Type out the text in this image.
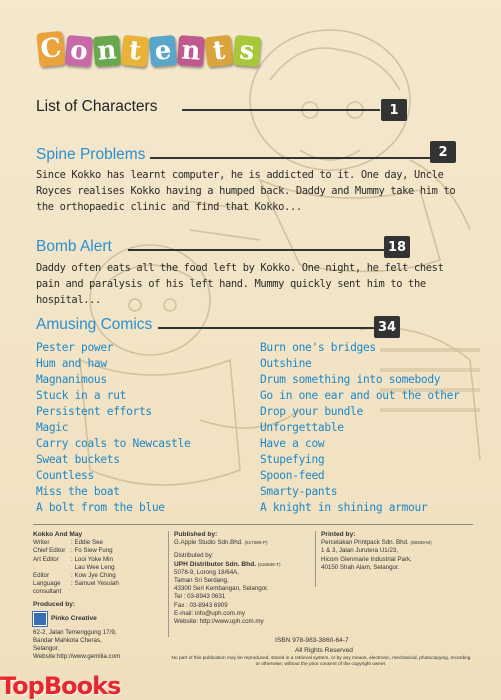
C o n t e n t s
List of Characters	1
Spine Problems	2
Since Kokko has learnt computer, he is addicted to it. One day, Uncle Royces realises Kokko having a humped back. Daddy and Mummy take him to the orthopaedic clinic and find that Kokko...
Bomb Alert	18
Daddy often eats all the food left by Kokko. One night, he felt chest pain and paralysis of his left hand. Mummy quickly sent him to the hospital...
Amusing Comics	34
Pester power
Hum and haw
Magnanimous
Stuck in a rut
Persistent efforts
Magic
Carry coals to Newcastle
Sweat buckets
Countless
Miss the boat
A bolt from the blue
Burn one's bridges
Outshine
Drum something into somebody
Go in one ear and out the other
Drop your bundle
Unforgettable
Have a cow
Stupefying
Spoon-feed
Smarty-pants
A knight in shining armour
Kokko And May
Writer	: Eddie See
Chief Editor : Fo Siew Fung
Art Editor	: Looi Yoke Min
Lau Wee Leng
Editor	: Kow Jye Ching
Language	: Samuel Yesuiah
consultant
Produced by:
Pinko Creative
62-2, Jalan Temenggung 17/9,
Bandar Mahkota Cheras,
Selangor.
Website:http://www.gemilia.com
Published by:
G.Apple Studio Sdn.Bhd. (517085-P)
Distributed by:
UPH Distributor Sdn. Bhd. (516636-T)
5078-9, Lorong 18/64A,
Taman Sri Serdang,
43300 Seri Kembangan, Selangor.
Tel : 03-8943 0631
Fax : 03-8943 6909
E-mail: info@uph.com.my
Website: http://www.uph.com.my
Printed by:
Percetakan Printpack Sdn. Bhd. (56939-M)
1 & 3, Jalan Jurutera U1/23,
Hicom Glenmarie Industrial Park,
40150 Shah Alam, Selangor.
ISBN 978-983-3860-64-7
All Rights Reserved
No part of this publication may be reproduced, stored in a retrieval system, or by any means, electronic, mechanical, photocopying, recording or otherwise, without the prior consent of the copyright owner.
TopBooks
